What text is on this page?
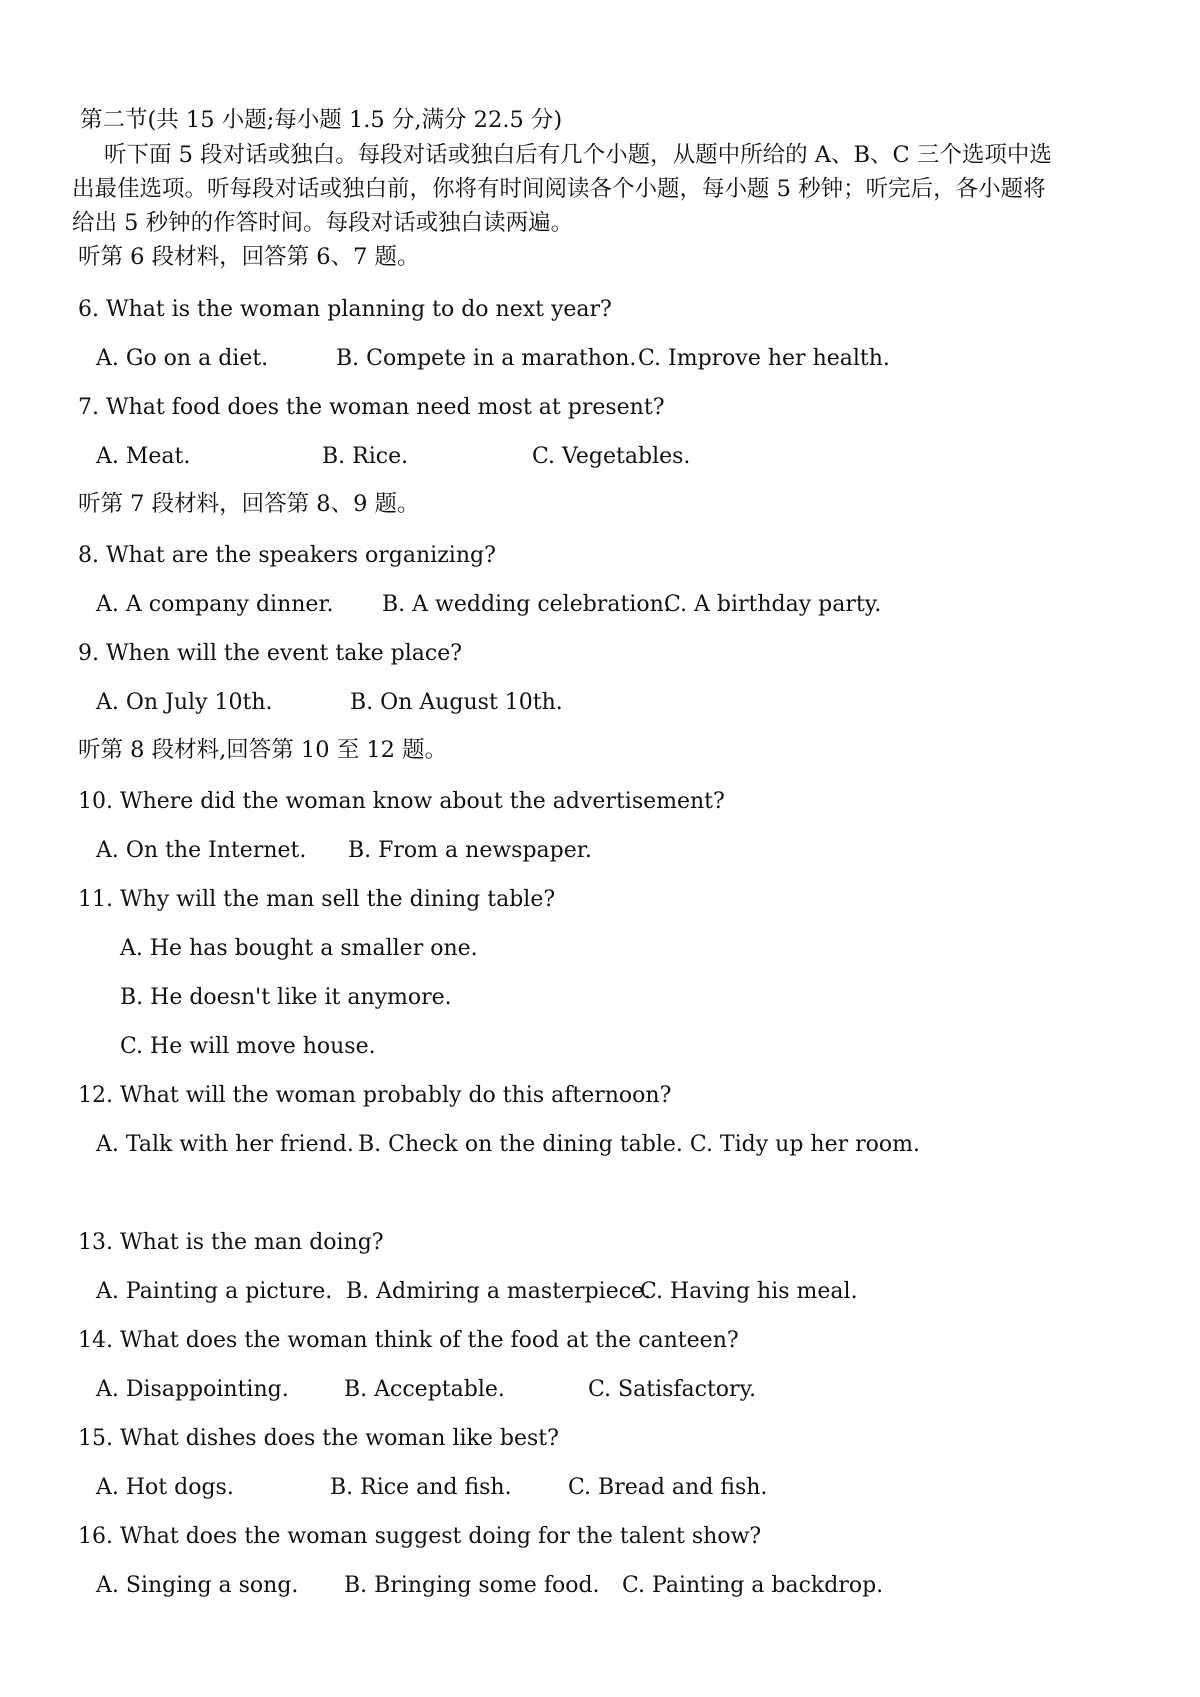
第二节(共 15 小题;每小题 1.5 分,满分 22.5 分)
听下面 5 段对话或独白。每段对话或独白后有几个小题，从题中所给的 A、B、C 三个选项中选
出最佳选项。听每段对话或独白前，你将有时间阅读各个小题，每小题 5 秒钟；听完后，各小题将
给出 5 秒钟的作答时间。每段对话或独白读两遍。
听第 6 段材料，回答第 6、7 题。
6. What is the woman planning to do next year?
A. Go on a diet.	B. Compete in a marathon. C. Improve her health.
7. What food does the woman need most at present?
A. Meat.	B. Rice.	C. Vegetables.
听第 7 段材料，回答第 8、9 题。
8. What are the speakers organizing?
A. A company dinner. B. A wedding celebration.
C. A birthday party.
9. When will the event take place?
A. On July 10th.	B. On August 10th.
听第 8 段材料,回答第 10 至 12 题。
10. Where did the woman know about the advertisement?
A. On the Internet. B. From a newspaper.
11. Why will the man sell the dining table?
A. He has bought a smaller one.
B. He doesn't like it anymore.
C. He will move house.
12. What will the woman probably do this afternoon?
A. Talk with her friend. B. Check on the dining table. C. Tidy up her room.
13. What is the man doing?
A. Painting a picture. B. Admiring a masterpiece.
C. Having his meal.
14. What does the woman think of the food at the canteen?
A. Disappointing.	B. Acceptable.	C. Satisfactory.
15. What dishes does the woman like best?
A. Hot dogs.	B. Rice and fish.	C. Bread and fish.
16. What does the woman suggest doing for the talent show?
A. Singing a song. B. Bringing some food. C. Painting a backdrop.
